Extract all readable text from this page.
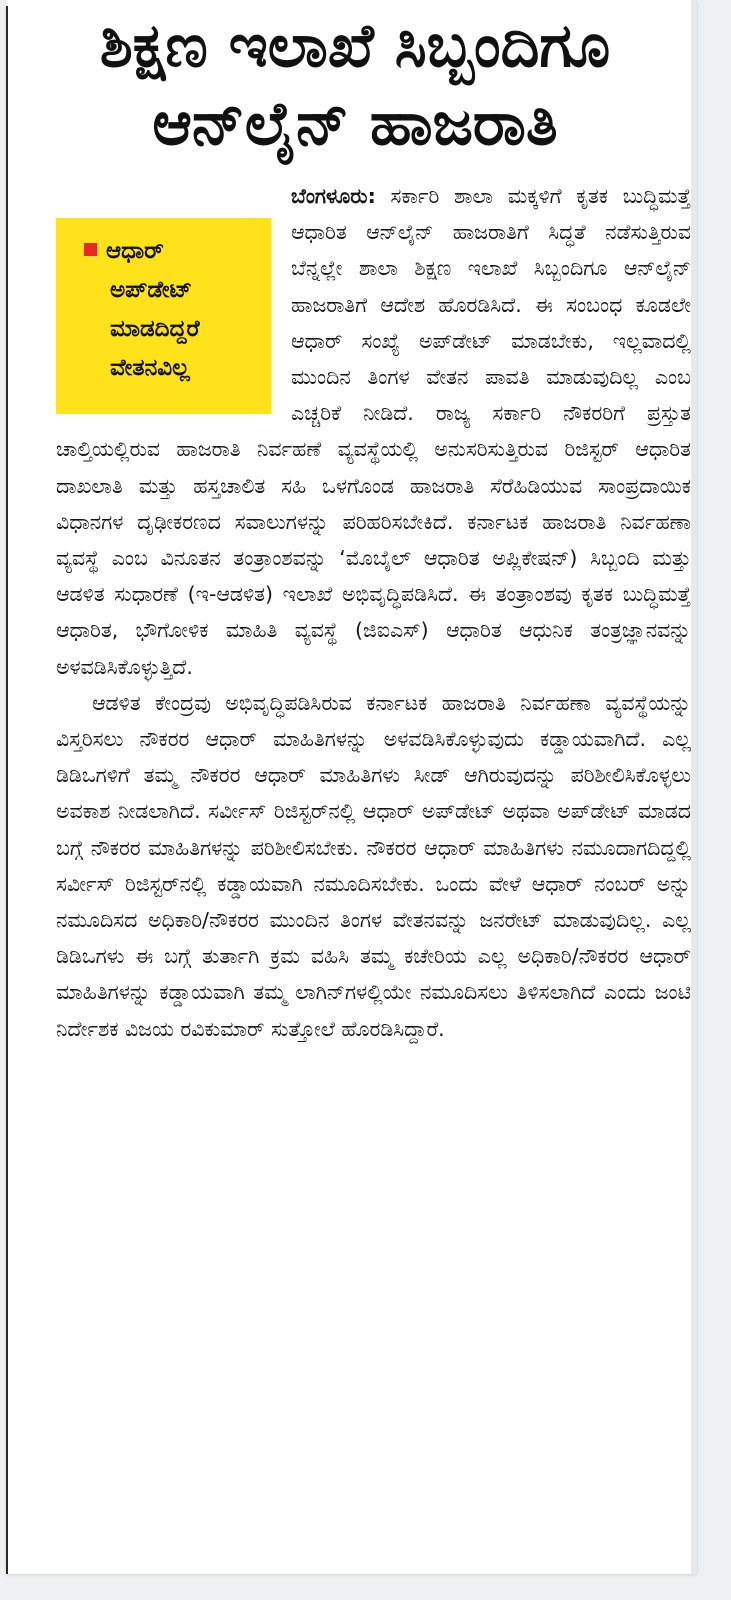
ಶಿಕ್ಷಣ ಇಲಾಖೆ ಸಿಬ್ಬಂದಿಗೂ
ಆನ್‌ಲೈನ್ ಹಾಜರಾತಿ

ಆಧಾರ್
ಅಪ್‌ಡೇಟ್
ಮಾಡದಿದ್ದರೆ
ವೇತನವಿಲ್ಲ
ಬೆಂಗಳೂರು: ಸರ್ಕಾರಿ ಶಾಲಾ ಮಕ್ಕಳಿಗೆ ಕೃತಕ ಬುದ್ಧಿಮತ್ತೆ ಆಧಾರಿತ ಆನ್‌ಲೈನ್ ಹಾಜರಾತಿಗೆ ಸಿದ್ಧತೆ ನಡೆಸುತ್ತಿರುವ ಬೆನ್ನಲ್ಲೇ ಶಾಲಾ ಶಿಕ್ಷಣ ಇಲಾಖೆ ಸಿಬ್ಬಂದಿಗೂ ಆನ್‌ಲೈನ್ ಹಾಜರಾತಿಗೆ ಆದೇಶ ಹೊರಡಿಸಿದೆ. ಈ ಸಂಬಂಧ ಕೂಡಲೇ ಆಧಾರ್ ಸಂಖ್ಯೆ ಅಪ್‌ಡೇಟ್ ಮಾಡಬೇಕು, ಇಲ್ಲವಾದಲ್ಲಿ ಮುಂದಿನ ತಿಂಗಳ ವೇತನ ಪಾವತಿ ಮಾಡುವುದಿಲ್ಲ ಎಂಬ ಎಚ್ಚರಿಕೆ ನೀಡಿದೆ. ರಾಜ್ಯ ಸರ್ಕಾರಿ ನೌಕರರಿಗೆ ಪ್ರಸ್ತುತ ಚಾಲ್ತಿಯಲ್ಲಿರುವ ಹಾಜರಾತಿ ನಿರ್ವಹಣೆ ವ್ಯವಸ್ಥೆಯಲ್ಲಿ ಅನುಸರಿಸುತ್ತಿರುವ ರಿಜಿಸ್ಟರ್ ಆಧಾರಿತ ದಾಖಲಾತಿ ಮತ್ತು ಹಸ್ತಚಾಲಿತ ಸಹಿ ಒಳಗೊಂಡ ಹಾಜರಾತಿ ಸೆರೆಹಿಡಿಯುವ ಸಾಂಪ್ರದಾಯಿಕ ವಿಧಾನಗಳ ದೃಢೀಕರಣದ ಸವಾಲುಗಳನ್ನು ಪರಿಹರಿಸಬೇಕಿದೆ. ಕರ್ನಾಟಕ ಹಾಜರಾತಿ ನಿರ್ವಹಣಾ ವ್ಯವಸ್ಥೆ ಎಂಬ ವಿನೂತನ ತಂತ್ರಾಂಶವನ್ನು ‘ಮೊಬೈಲ್ ಆಧಾರಿತ ಅಪ್ಲಿಕೇಷನ್) ಸಿಬ್ಬಂದಿ ಮತ್ತು ಆಡಳಿತ ಸುಧಾರಣೆ (ಇ-ಆಡಳಿತ) ಇಲಾಖೆ ಅಭಿವೃದ್ಧಿಪಡಿಸಿದೆ. ಈ ತಂತ್ರಾಂಶವು ಕೃತಕ ಬುದ್ಧಿಮತ್ತೆ ಆಧಾರಿತ, ಭೌಗೋಳಿಕ ಮಾಹಿತಿ ವ್ಯವಸ್ಥೆ (ಜಿಐಎಸ್) ಆಧಾರಿತ ಆಧುನಿಕ ತಂತ್ರಜ್ಞಾನವನ್ನು ಅಳವಡಿಸಿಕೊಳ್ಳುತ್ತಿದೆ.

ಆಡಳಿತ ಕೇಂದ್ರವು ಅಭಿವೃದ್ಧಿಪಡಿಸಿರುವ ಕರ್ನಾಟಕ ಹಾಜರಾತಿ ನಿರ್ವಹಣಾ ವ್ಯವಸ್ಥೆಯನ್ನು ವಿಸ್ತರಿಸಲು ನೌಕರರ ಆಧಾರ್ ಮಾಹಿತಿಗಳನ್ನು ಅಳವಡಿಸಿಕೊಳ್ಳುವುದು ಕಡ್ಡಾಯವಾಗಿದೆ. ಎಲ್ಲ ಡಿಡಿಒಗಳಿಗೆ ತಮ್ಮ ನೌಕರರ ಆಧಾರ್ ಮಾಹಿತಿಗಳು ಸೀಡ್ ಆಗಿರುವುದನ್ನು ಪರಿಶೀಲಿಸಿಕೊಳ್ಳಲು ಅವಕಾಶ ನೀಡಲಾಗಿದೆ. ಸರ್ವೀಸ್ ರಿಜಿಸ್ಟರ್‌ನಲ್ಲಿ ಆಧಾರ್ ಅಪ್‌ಡೇಟ್ ಅಥವಾ ಅಪ್‌ಡೇಟ್ ಮಾಡದ ಬಗ್ಗೆ ನೌಕರರ ಮಾಹಿತಿಗಳನ್ನು ಪರಿಶೀಲಿಸಬೇಕು. ನೌಕರರ ಆಧಾರ್ ಮಾಹಿತಿಗಳು ನಮೂದಾಗದಿದ್ದಲ್ಲಿ ಸರ್ವೀಸ್ ರಿಜಿಸ್ಟರ್‌ನಲ್ಲಿ ಕಡ್ಡಾಯವಾಗಿ ನಮೂದಿಸಬೇಕು. ಒಂದು ವೇಳೆ ಆಧಾರ್ ನಂಬರ್ ಅನ್ನು ನಮೂದಿಸದ ಅಧಿಕಾರಿ/ನೌಕರರ ಮುಂದಿನ ತಿಂಗಳ ವೇತನವನ್ನು ಜನರೇಟ್ ಮಾಡುವುದಿಲ್ಲ. ಎಲ್ಲ ಡಿಡಿಒಗಳು ಈ ಬಗ್ಗೆ ತುರ್ತಾಗಿ ಕ್ರಮ ವಹಿಸಿ ತಮ್ಮ ಕಚೇರಿಯ ಎಲ್ಲ ಅಧಿಕಾರಿ/ನೌಕರರ ಆಧಾರ್ ಮಾಹಿತಿಗಳನ್ನು ಕಡ್ಡಾಯವಾಗಿ ತಮ್ಮ ಲಾಗಿನ್‌ಗಳಲ್ಲಿಯೇ ನಮೂದಿಸಲು ತಿಳಿಸಲಾಗಿದೆ ಎಂದು ಜಂಟಿ ನಿರ್ದೇಶಕ ವಿಜಯ ರವಿಕುಮಾರ್ ಸುತ್ತೋಲೆ ಹೊರಡಿಸಿದ್ದಾರೆ.
